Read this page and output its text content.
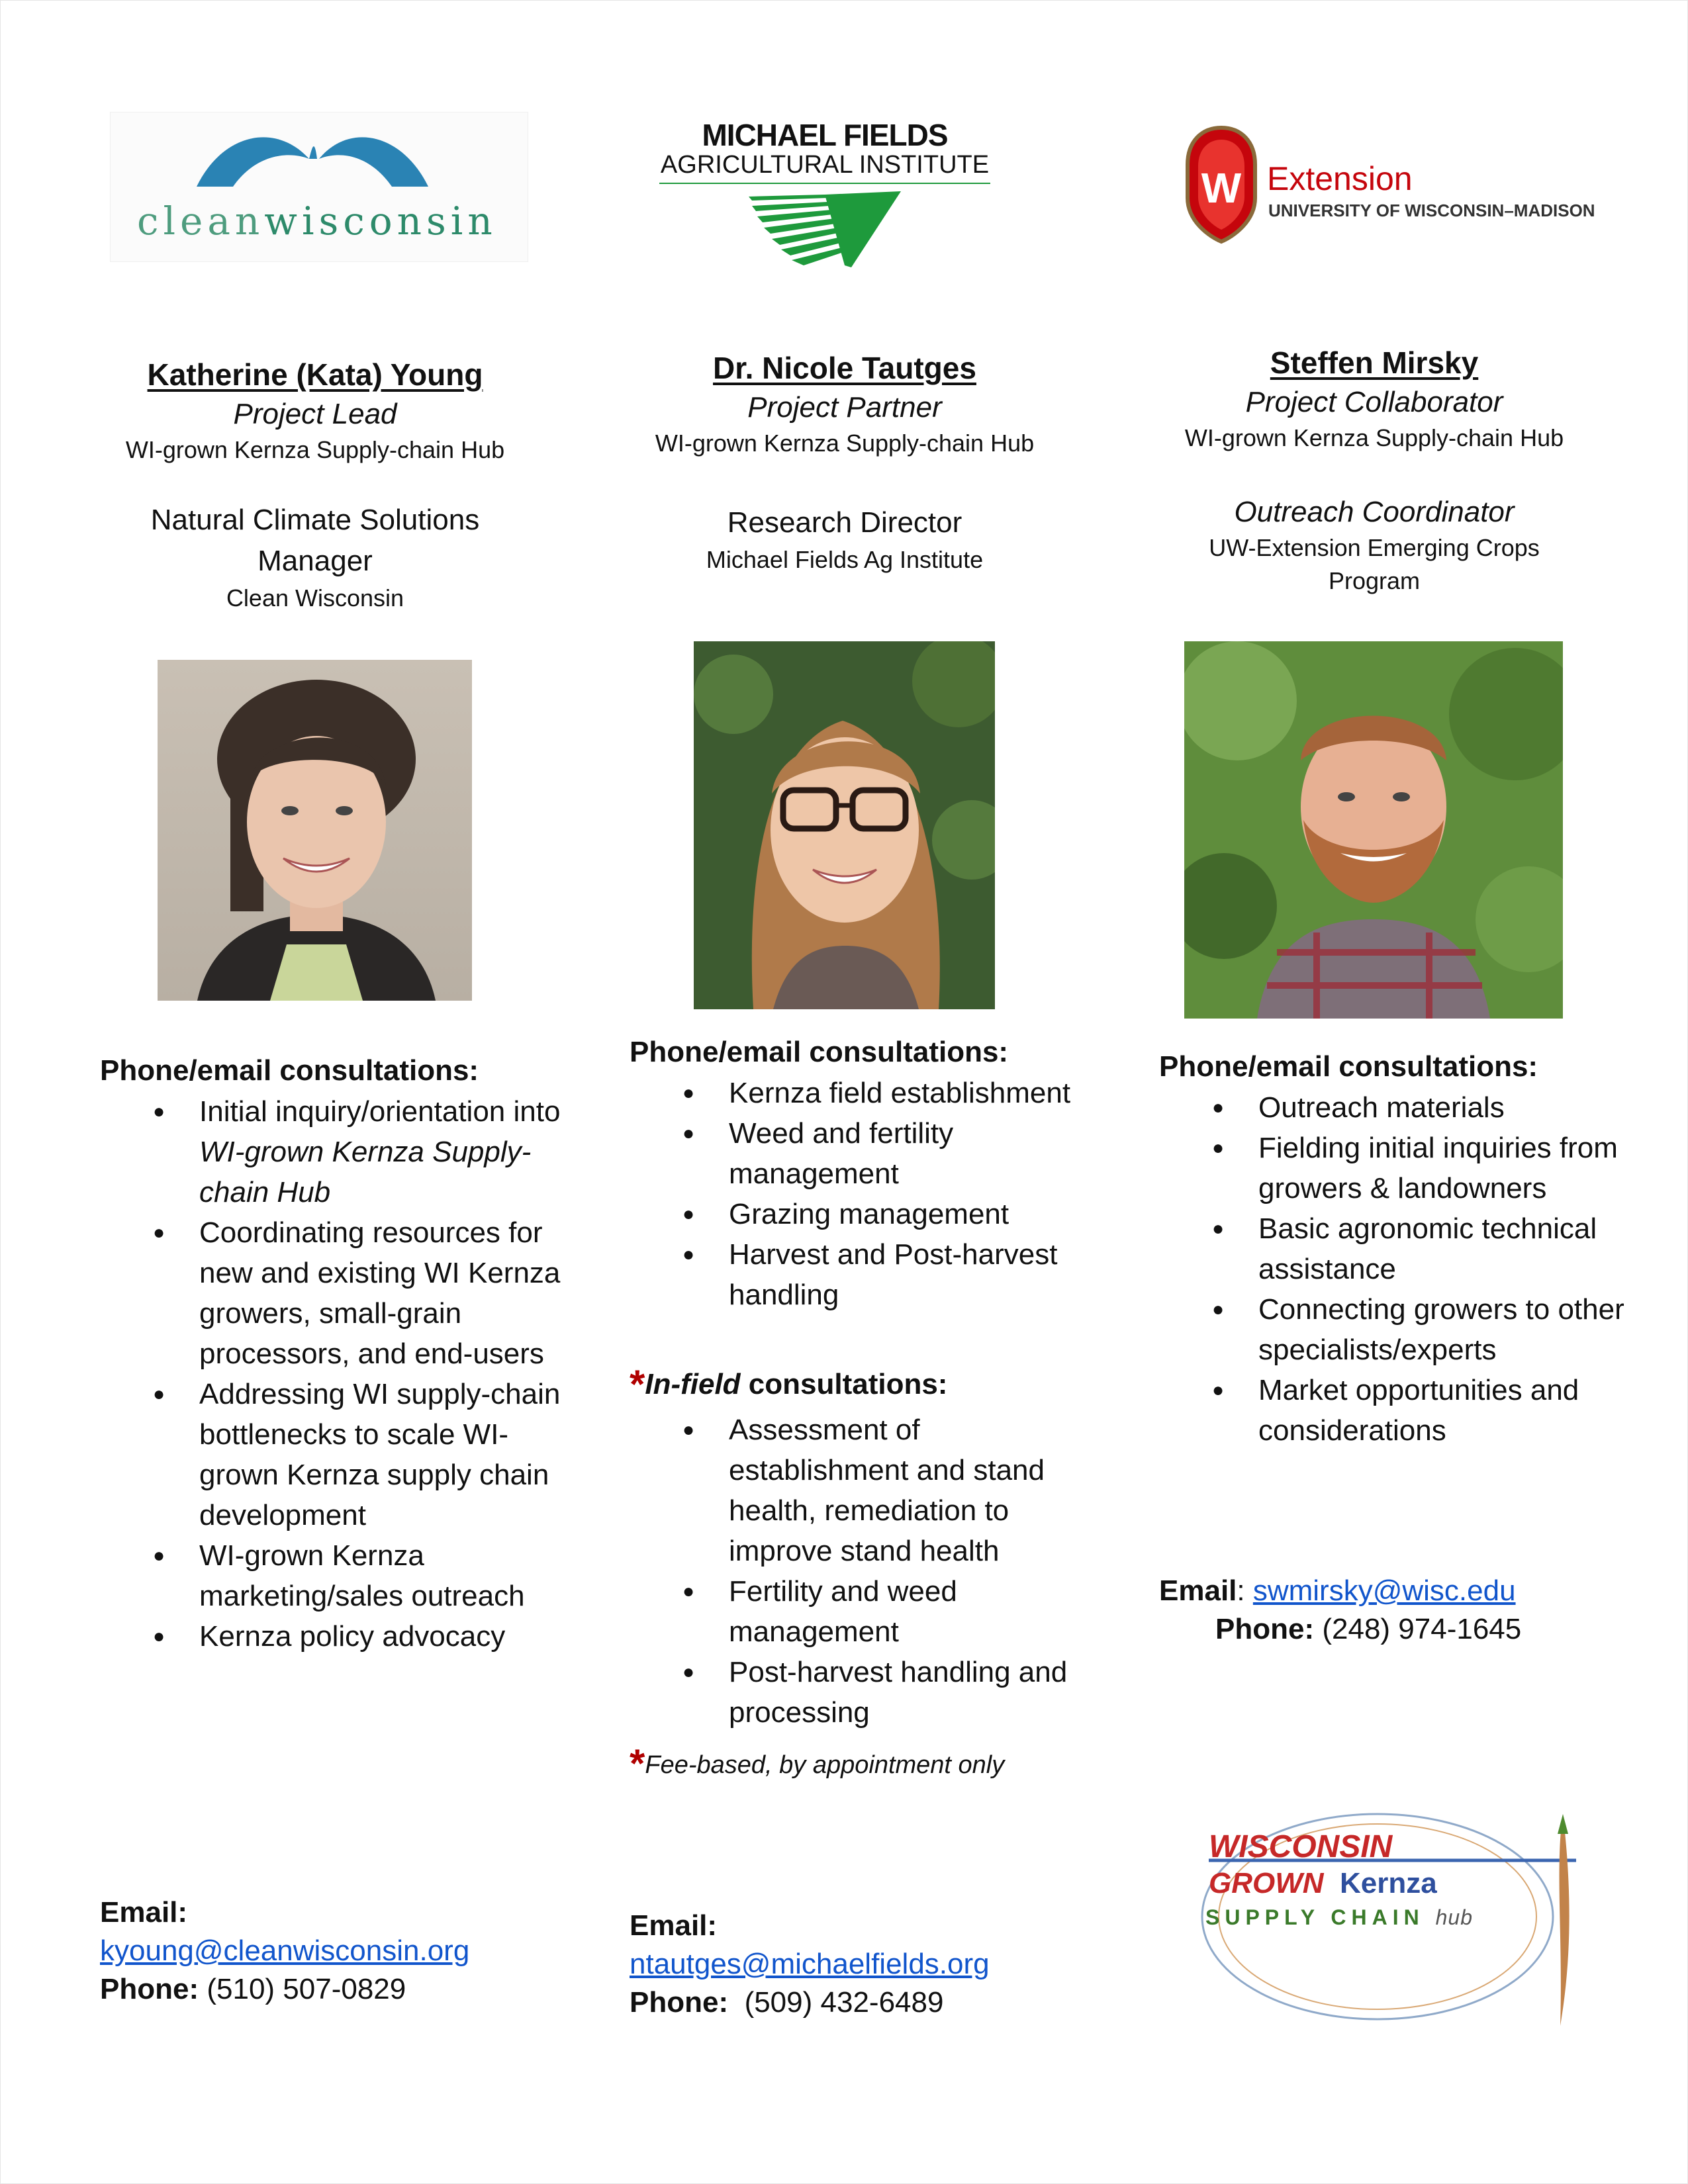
cleanwisconsin
MICHAEL FIELDS
AGRICULTURAL INSTITUTE	W Extension
UNIVERSITY OF WISCONSIN–MADISON
Katherine (Kata) Young
Project Lead
WI-grown Kernza Supply-chain Hub
Natural Climate Solutions
Manager
Clean Wisconsin
Phone/email consultations:
● Initial inquiry/orientation into WI-grown Kernza Supply-chain Hub
● Coordinating resources for new and existing WI Kernza growers, small-grain processors, and end-users
● Addressing WI supply-chain bottlenecks to scale WI-grown Kernza supply chain development
● WI-grown Kernza marketing/sales outreach
● Kernza policy advocacy
Email:
kyoung@cleanwisconsin.org
Phone: (510) 507-0829
Dr. Nicole Tautges
Project Partner
WI-grown Kernza Supply-chain Hub
Research Director
Michael Fields Ag Institute
Phone/email consultations:
● Kernza field establishment
● Weed and fertility management
● Grazing management
● Harvest and Post-harvest handling
*In-field consultations:
● Assessment of establishment and stand health, remediation to improve stand health
● Fertility and weed management
● Post-harvest handling and processing
*Fee-based, by appointment only
Email:
ntautges@michaelfields.org
Phone: (509) 432-6489
Steffen Mirsky
Project Collaborator
WI-grown Kernza Supply-chain Hub
Outreach Coordinator
UW-Extension Emerging Crops
Program
Phone/email consultations:
● Outreach materials
● Fielding initial inquiries from growers & landowners
● Basic agronomic technical assistance
● Connecting growers to other specialists/experts
● Market opportunities and considerations
Email: swmirsky@wisc.edu
Phone: (248) 974-1645
WISCONSIN
GROWN Kernza
SUPPLY CHAIN hub
